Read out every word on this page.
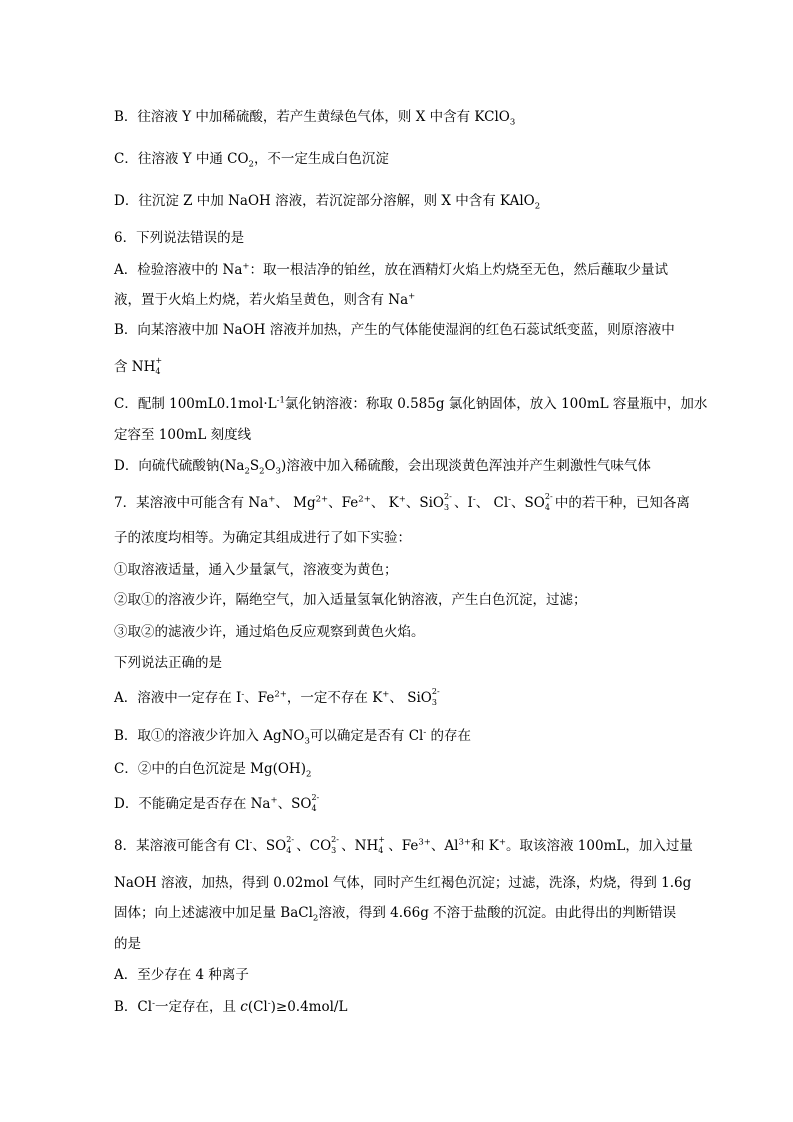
B．往溶液 Y 中加稀硫酸，若产生黄绿色气体，则 X 中含有 KClO$_3$
C．往溶液 Y 中通 $CO_2$，不一定生成白色沉淀
D．往沉淀 Z 中加 NaOH 溶液，若沉淀部分溶解，则 X 中含有 KAlO$_2$
6．下列说法错误的是
A．检验溶液中的 Na+：取一根洁净的铂丝，放在酒精灯火焰上灼烧至无色，然后蘸取少量试
液，置于火焰上灼烧，若火焰呈黄色，则含有 Na+
B．向某溶液中加 NaOH 溶液并加热，产生的气体能使湿润的红色石蕊试纸变蓝，则原溶液中
含 NH +
4
C．配制 $100mL0.1mol\cdot L^{-1}$氯化钠溶液：称取 0.585g 氯化钠固体，放入 100mL 容量瓶中，加水
定容至 100mL 刻度线
D．向硫代硫酸钠$(Na_2S_2O_3)$溶液中加入稀硫酸，会出现淡黄色浑浊并产生刺激性气味气体
7．某溶液中可能含有 Na+、 $Mg^{2+}$、$Fe^{2+}$、 K+、SiO 2-
3 、I-、 Cl-、SO 2-
4 中的若干种，已知各离
子的浓度均相等。为确定其组成进行了如下实验：
①取溶液适量，通入少量氯气，溶液变为黄色；
②取①的溶液少许，隔绝空气，加入适量氢氧化钠溶液，产生白色沉淀，过滤；
③取②的滤液少许，通过焰色反应观察到黄色火焰。
下列说法正确的是
A．溶液中一定存在 I-、$Fe^{2+}$，一定不存在 K+、 SiO 2-
3
B．取①的溶液少许加入 AgNO$_3$可以确定是否有 Cl- 的存在
C．②中的白色沉淀是 $Mg(OH)_2$
D．不能确定是否存在 Na+、SO 2-
4
8．某溶液可能含有 Cl-、SO 2-
4 、CO 2-
3 、NH +
4 、$Fe^{3+}$、$Al^{3+}$和 K+。取该溶液 100mL，加入过量
NaOH 溶液，加热，得到 0.02mol 气体，同时产生红褐色沉淀；过滤，洗涤，灼烧，得到 1.6g
固体；向上述滤液中加足量 BaCl$_2$溶液，得到 4.66g 不溶于盐酸的沉淀。由此得出的判断错误
的是
A．至少存在 4 种离子
B．Cl-一定存在，且 c(Cl-)≥0.4mol/L
